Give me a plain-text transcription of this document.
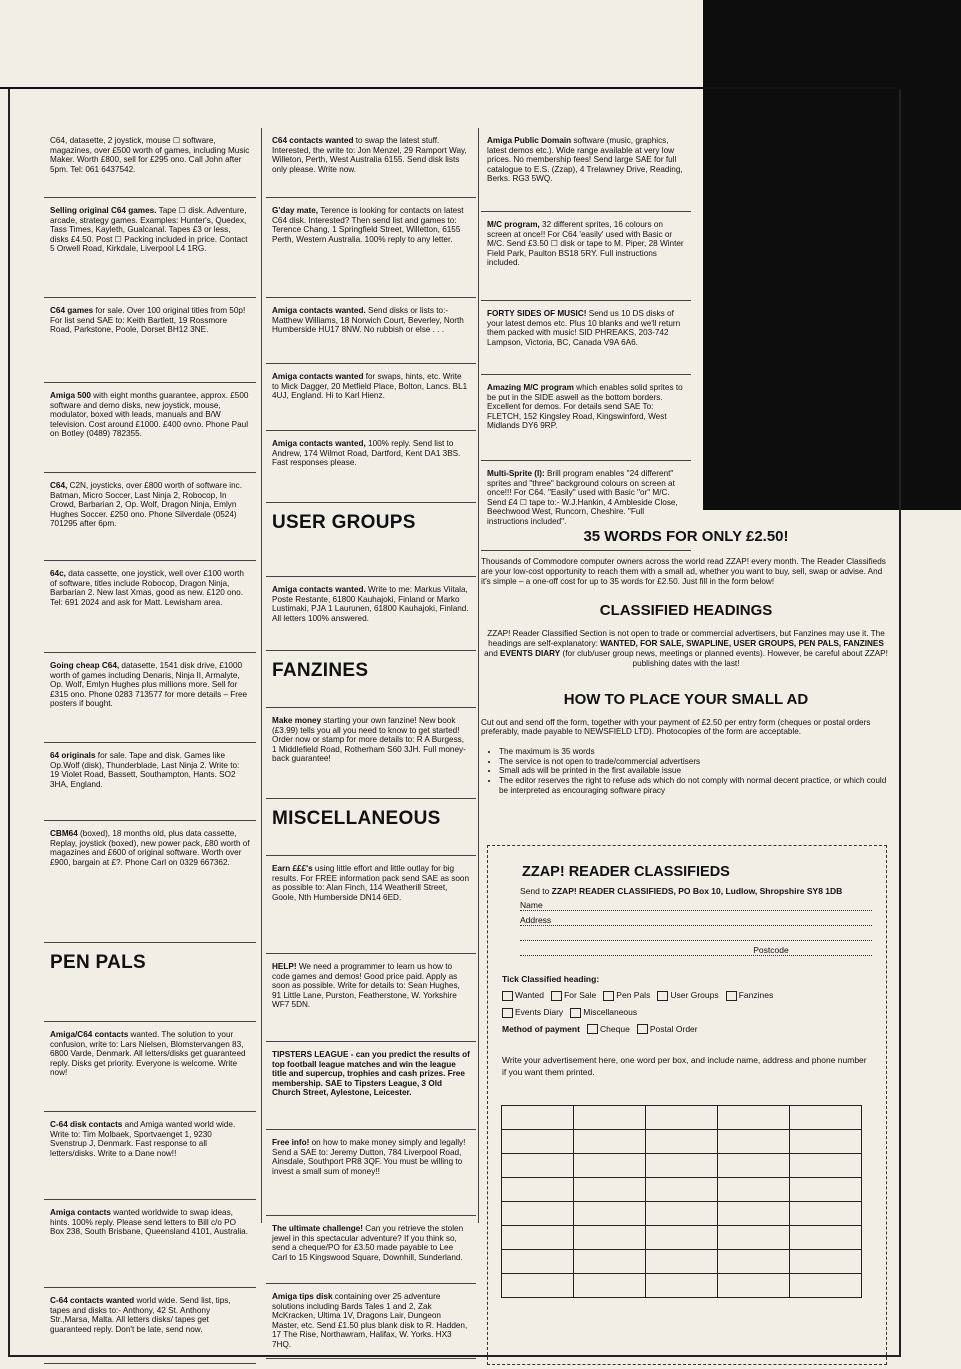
C64, datasette, 2 joystick, mouse ☐ software, magazines, over £500 worth of games, including Music Maker. Worth £800, sell for £295 ono. Call John after 5pm. Tel: 061 6437542.
Selling original C64 games. Tape ☐ disk. Adventure, arcade, strategy games. Examples: Hunter's, Quedex, Tass Times, Kayleth, Gualcanal. Tapes £3 or less, disks £4.50. Post ☐ Packing included in price. Contact 5 Orwell Road, Kirkdale, Liverpool L4 1RG.
C64 games for sale. Over 100 original titles from 50p! For list send SAE to: Keith Bartlett, 19 Rossmore Road, Parkstone, Poole, Dorset BH12 3NE.
Amiga 500 with eight months guarantee, approx. £500 software and demo disks, new joystick, mouse, modulator, boxed with leads, manuals and B/W television. Cost around £1000. £400 ovno. Phone Paul on Botley (0489) 782355.
C64, C2N, joysticks, over £800 worth of software inc. Batman, Micro Soccer, Last Ninja 2, Robocop, In Crowd, Barbarian 2, Op. Wolf, Dragon Ninja, Emlyn Hughes Soccer. £250 ono. Phone Silverdale (0524) 701295 after 6pm.
64c, data cassette, one joystick, well over £100 worth of software, titles include Robocop, Dragon Ninja, Barbarian 2. New last Xmas, good as new. £120 ono. Tel: 691 2024 and ask for Matt. Lewisham area.
Going cheap C64, datasette, 1541 disk drive, £1000 worth of games including Denaris, Ninja II, Armalyte, Op. Wolf, Emlyn Hughes plus millions more. Sell for £315 ono. Phone 0283 713577 for more details – Free posters if bought.
64 originals for sale. Tape and disk. Games like Op.Wolf (disk), Thunderblade, Last Ninja 2. Write to: 19 Violet Road, Bassett, Southampton, Hants. SO2 3HA, England.
CBM64 (boxed), 18 months old, plus data cassette, Replay, joystick (boxed), new power pack, £80 worth of magazines and £600 of original software. Worth over £900, bargain at £?. Phone Carl on 0329 667362.
PEN PALS
Amiga/C64 contacts wanted. The solution to your confusion, write to: Lars Nielsen, Blomstervangen 83, 6800 Varde, Denmark. All letters/disks get guaranteed reply. Disks get priority. Everyone is welcome. Write now!
C-64 disk contacts and Amiga wanted world wide. Write to: Tim Molbaek, Sportvaenget 1, 9230 Svenstrup J, Denmark. Fast response to all letters/disks. Write to a Dane now!!
Amiga contacts wanted worldwide to swap ideas, hints. 100% reply. Please send letters to Bill c/o PO Box 238, South Brisbane, Queensland 4101, Australia.
C-64 contacts wanted world wide. Send list, tips, tapes and disks to:- Anthony, 42 St. Anthony Str.,Marsa, Malta. All letters disks/ tapes get guaranteed reply. Don't be late, send now.
C64 contacts wanted to swap the latest stuff. Interested, the write to: Jon Menzel, 29 Ramport Way, Willeton, Perth, West Australia 6155. Send disk lists only please. Write now.
G'day mate, Terence is looking for contacts on latest C64 disk. Interested? Then send list and games to: Terence Chang, 1 Springfield Street, Willetton, 6155 Perth, Western Australia. 100% reply to any letter.
Amiga contacts wanted. Send disks or lists to:- Matthew Williams, 18 Norwich Court, Beverley, North Humberside HU17 8NW. No rubbish or else . . .
Amiga contacts wanted for swaps, hints, etc. Write to Mick Dagger, 20 Metfield Place, Bolton, Lancs. BL1 4UJ, England. Hi to Karl Hienz.
Amiga contacts wanted, 100% reply. Send list to Andrew, 174 Wilmot Road, Dartford, Kent DA1 3BS. Fast responses please.
USER GROUPS
Amiga contacts wanted. Write to me: Markus Viitala, Poste Restante, 61800 Kauhajoki, Finland or Marko Lustimaki, PJA 1 Laurunen, 61800 Kauhajoki, Finland. All letters 100% answered.
FANZINES
Make money starting your own fanzine! New book (£3.99) tells you all you need to know to get started! Order now or stamp for more details to: R A Burgess, 1 Middlefield Road, Rotherham S60 3JH. Full money-back guarantee!
MISCELLANEOUS
Earn £££'s using little effort and little outlay for big results. For FREE information pack send SAE as soon as possible to: Alan Finch, 114 Weatherill Street, Goole, Nth Humberside DN14 6ED.
HELP! We need a programmer to learn us how to code games and demos! Good price paid. Apply as soon as possible. Write for details to: Sean Hughes, 91 Little Lane, Purston, Featherstone, W. Yorkshire WF7 5DN.
TIPSTERS LEAGUE - can you predict the results of top football league matches and win the league title and supercup, trophies and cash prizes. Free membership. SAE to Tipsters League, 3 Old Church Street, Aylestone, Leicester.
Free info! on how to make money simply and legally! Send a SAE to: Jeremy Dutton, 784 Liverpool Road, Ainsdale, Southport PR8 3QF. You must be willing to invest a small sum of money!!
The ultimate challenge! Can you retrieve the stolen jewel in this spectacular adventure? If you think so, send a cheque/PO for £3.50 made payable to Lee Carl to 15 Kingswood Square, Downhill, Sunderland.
Amiga tips disk containing over 25 adventure solutions including Bards Tales 1 and 2, Zak McKracken, Ultima 1V, Dragons Lair, Dungeon Master, etc. Send £1.50 plus blank disk to R. Hadden, 17 The Rise, Northawram, Halifax, W. Yorks. HX3 7HQ.
Amiga Public Domain software (music, graphics, latest demos etc.). Wide range available at very low prices. No membership fees! Send large SAE for full catalogue to E.S. (Zzap), 4 Trelawney Drive, Reading, Berks. RG3 5WQ.
M/C program, 32 different sprites, 16 colours on screen at once!! For C64 'easily' used with Basic or M/C. Send £3.50 ☐ disk or tape to M. Piper, 28 Winter Field Park, Paulton BS18 5RY. Full instructions included.
FORTY SIDES OF MUSIC! Send us 10 DS disks of your latest demos etc. Plus 10 blanks and we'll return them packed with music! SID PHREAKS, 203-742 Lampson, Victoria, BC, Canada V9A 6A6.
Amazing M/C program which enables solid sprites to be put in the SIDE aswell as the bottom borders. Excellent for demos. For details send SAE To: FLETCH, 152 Kingsley Road, Kingswinford, West Midlands DY6 9RP.
Multi-Sprite (I): Brill program enables "24 different" sprites and "three" background colours on screen at once!!! For C64. "Easily" used with Basic "or" M/C. Send £4 ☐ tape to:- W.J.Hankin, 4 Ambleside Close, Beechwood West, Runcorn, Cheshire. "Full instructions included".
35 WORDS FOR ONLY £2.50!
Thousands of Commodore computer owners across the world read ZZAP! every month. The Reader Classifieds are your low-cost opportunity to reach them with a small ad, whether you want to buy, sell, swap or advise. And it's simple – a one-off cost for up to 35 words for £2.50. Just fill in the form below!
CLASSIFIED HEADINGS
ZZAP! Reader Classified Section is not open to trade or commercial advertisers, but Fanzines may use it. The headings are self-explanatory: WANTED, FOR SALE, SWAPLINE, USER GROUPS, PEN PALS, FANZINES and EVENTS DIARY (for club/user group news, meetings or planned events). However, be careful about ZZAP! publishing dates with the last!
HOW TO PLACE YOUR SMALL AD
Cut out and send off the form, together with your payment of £2.50 per entry form (cheques or postal orders preferably, made payable to NEWSFIELD LTD). Photocopies of the form are acceptable.
• The maximum is 35 words
• The service is not open to trade/commercial advertisers
• Small ads will be printed in the first available issue
• The editor reserves the right to refuse ads which do not comply with normal decent practice, or which could be interpreted as encouraging software piracy
ZZAP! READER CLASSIFIEDS
Send to ZZAP! READER CLASSIFIEDS, PO Box 10, Ludlow, Shropshire SY8 1DB
Name
Address
Postcode
Tick Classified heading:
Wanted For Sale Pen Pals User Groups Fanzines
Events Diary Miscellaneous
Method of payment Cheque Postal Order
Write your advertisement here, one word per box, and include name, address and phone number if you want them printed.
